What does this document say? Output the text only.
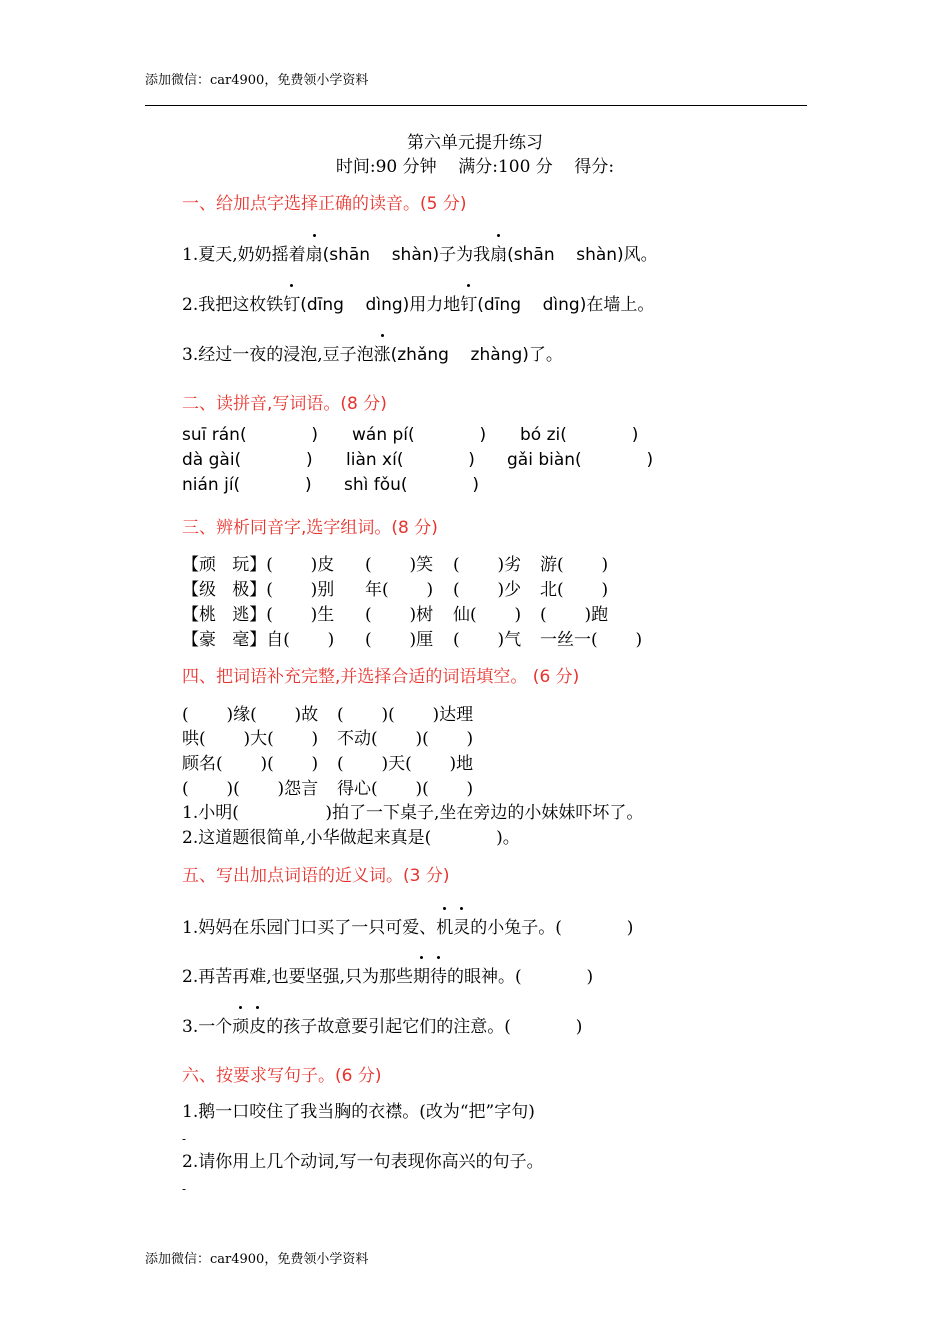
添加微信：car4900，免费领小学资料
第六单元提升练习
时间:90 分钟    满分:100 分    得分:
一、给加点字选择正确的读音。(5 分)
1.夏天,奶奶摇着扇(shān    shàn)子为我扇(shān    shàn)风。
2.我把这枚铁钉(dīng    dìng)用力地钉(dīng    dìng)在墙上。
3.经过一夜的浸泡,豆子泡涨(zhǎng    zhàng)了。
二、读拼音,写词语。(8 分)
suī rán(            ) wán pí(            ) bó zi(            )
dà gài(            ) liàn xí(            ) gǎi biàn(            )
nián jí(            ) shì fǒu(            )
三、辨析同音字,选字组词。(8 分)
【顽   玩】(       )皮 (       )笑 (       )劣 游(       )
【级   极】(       )别 年(       ) (       )少 北(       )
【桃   逃】(       )生 (       )树 仙(       ) (       )跑
【豪   毫】自(       ) (       )厘 (       )气 一丝一(       )
四、把词语补充完整,并选择合适的词语填空。 (6 分)
(       )缘(       )故 (       )(       )达理
哄(       )大(       ) 不动(       )(       )
顾名(       )(       ) (       )天(       )地
(       )(       )怨言 得心(       )(       )
1.小明(                )拍了一下桌子,坐在旁边的小妹妹吓坏了。
2.这道题很简单,小华做起来真是(            )。
五、写出加点词语的近义词。(3 分)
1.妈妈在乐园门口买了一只可爱、机灵的小兔子。(            )
2.再苦再难,也要坚强,只为那些期待的眼神。(            )
3.一个顽皮的孩子故意要引起它们的注意。(            )
六、按要求写句子。(6 分)
1.鹅一口咬住了我当胸的衣襟。(改为“把”字句)
-
2.请你用上几个动词,写一句表现你高兴的句子。
-
添加微信：car4900，免费领小学资料
